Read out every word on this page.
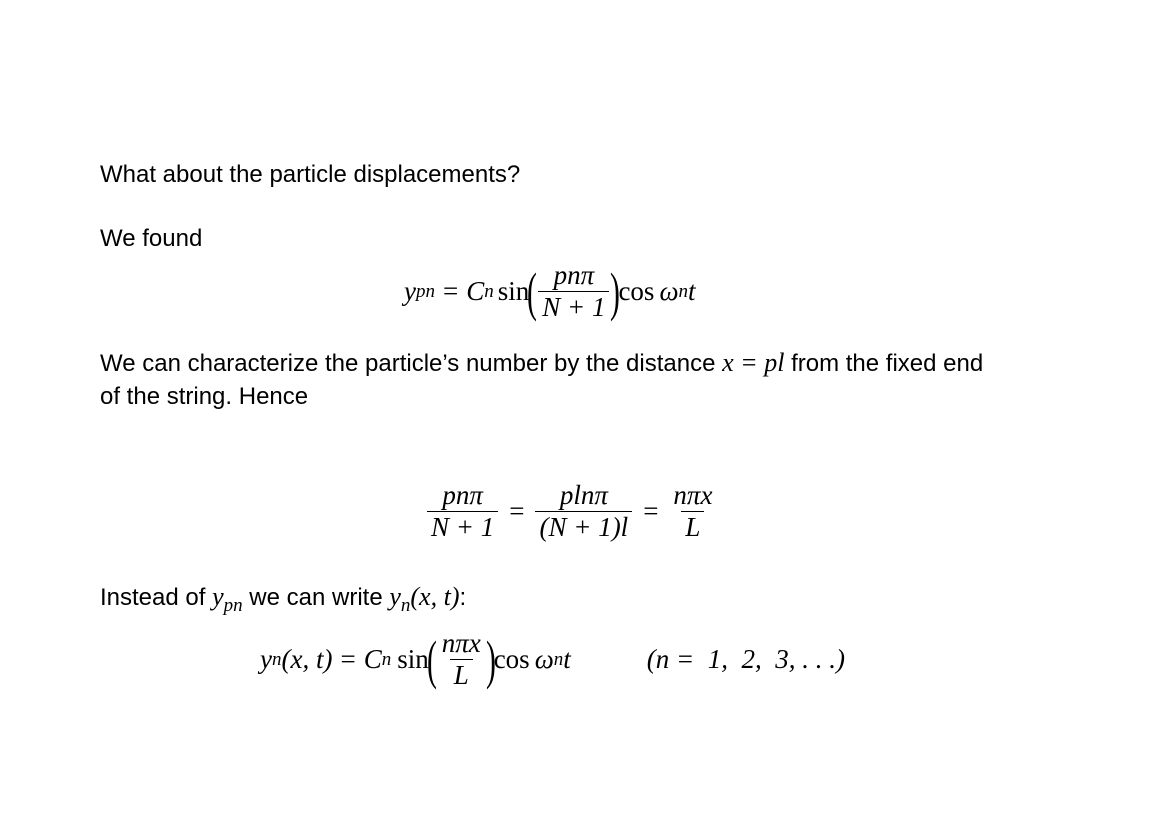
What about the particle displacements?
We found
y pn = C n sin
( $\frac{\text{pnπ}}{N + 1}$ )
cos ω n t
We can characterize the particle’s number by the distance x = pl from the fixed end
of the string. Hence
$\frac{\text{pnπ}}{N + 1} = \frac{pln\pi}{(N + 1)l} = \frac{\text{nπx}}{L}$
Instead of $y_{pn}$ we can write $y_n(x$, t):
y n (x, t) = C n sin
( $\frac{\text{nπx}}{L}$ )
cos ω n t	(n =  1,  2,  3, . . .)
